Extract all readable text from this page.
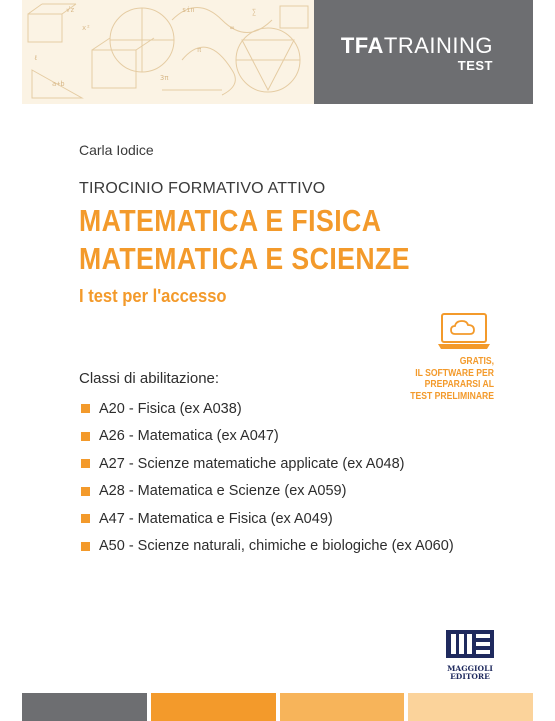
√z
ℓ
sin
x²
π
∑
3π
a+b
∞
TFATRAINING
TEST
Carla Iodice
TIROCINIO FORMATIVO ATTIVO
MATEMATICA E FISICA
MATEMATICA E SCIENZE
I test per l'accesso
GRATIS,
IL SOFTWARE PER
PREPARARSI AL
TEST PRELIMINARE
Classi di abilitazione:
A20 - Fisica (ex A038)
A26 - Matematica (ex A047)
A27 - Scienze matematiche applicate (ex A048)
A28 - Matematica e Scienze (ex A059)
A47 - Matematica e Fisica (ex A049)
A50 - Scienze naturali, chimiche e biologiche (ex A060)
MAGGIOLI
EDITORE
